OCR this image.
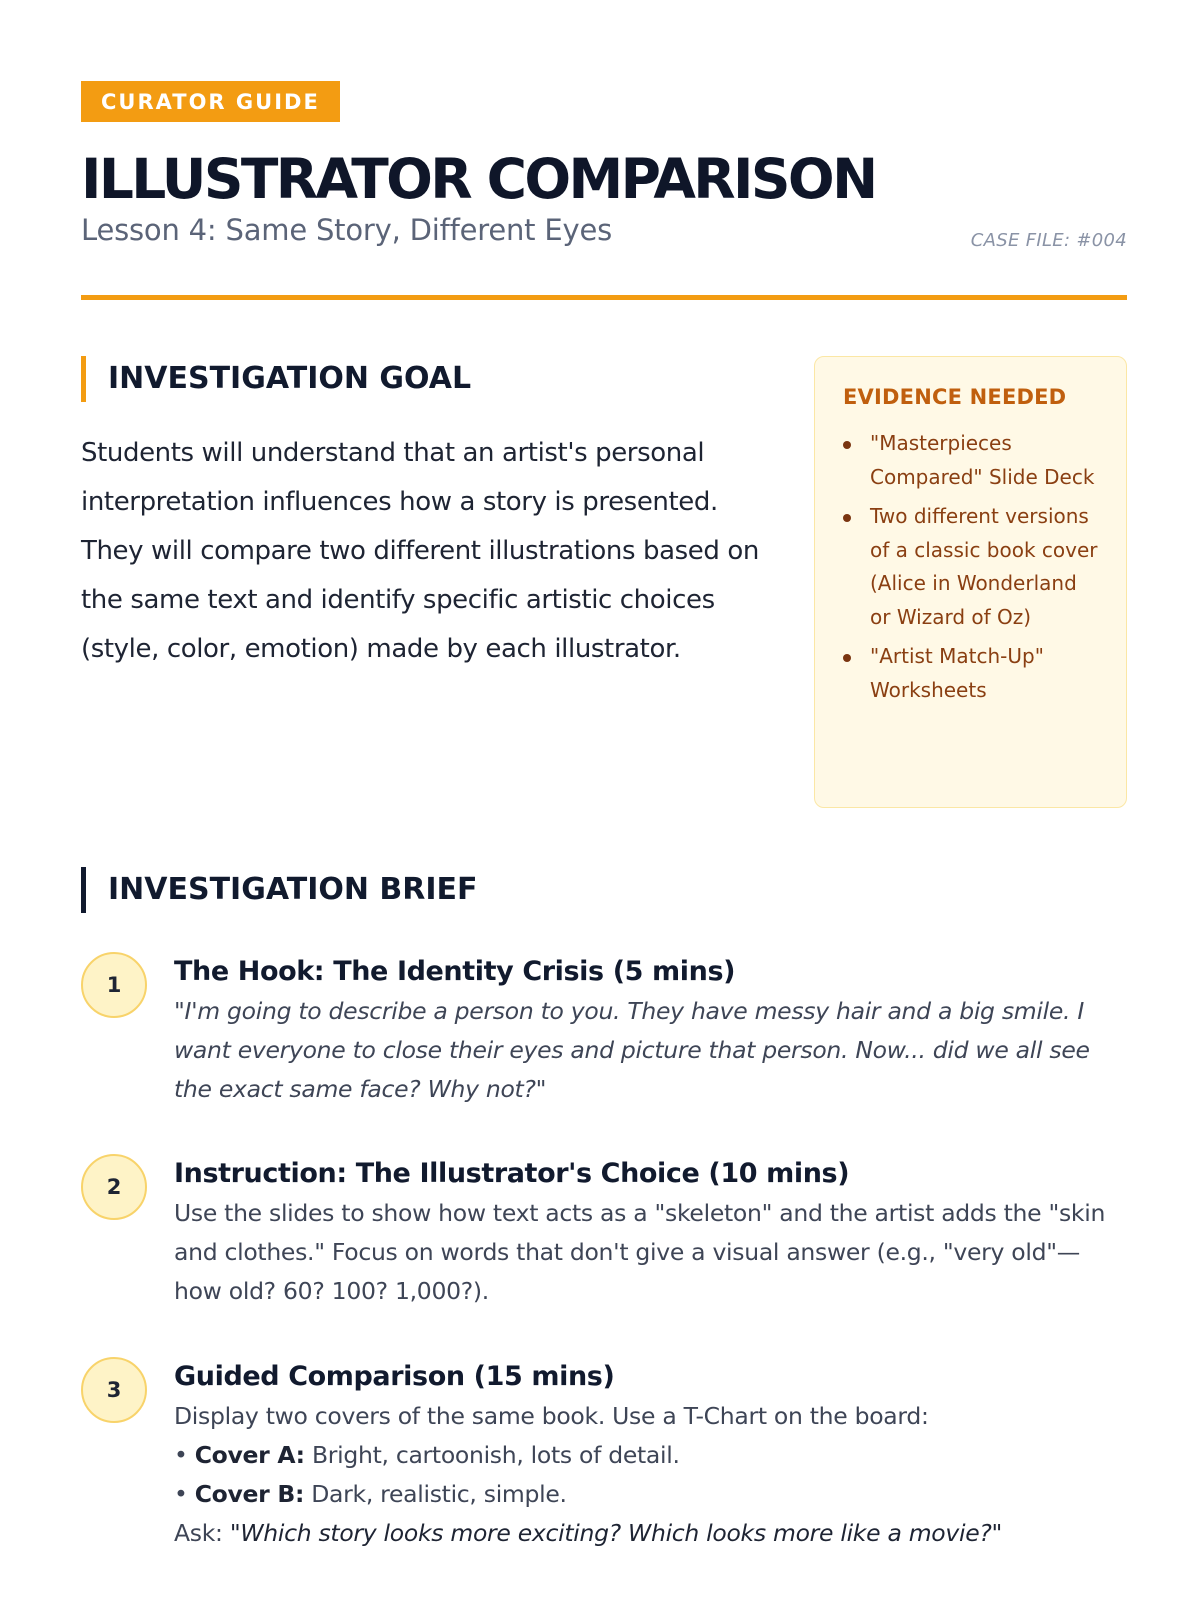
CURATOR GUIDE
ILLUSTRATOR COMPARISON
Lesson 4: Same Story, Different Eyes	CASE FILE: #004
INVESTIGATION GOAL

Students will understand that an artist's personal interpretation influences how a story is presented. They will compare two different illustrations based on the same text and identify specific artistic choices (style, color, emotion) made by each illustrator.

EVIDENCE NEEDED
"Masterpieces Compared" Slide Deck
Two different versions of a classic book cover (Alice in Wonderland or Wizard of Oz)
"Artist Match-Up" Worksheets
INVESTIGATION BRIEF
1	The Hook: The Identity Crisis (5 mins)
"I'm going to describe a person to you. They have messy hair and a big smile. I want everyone to close their eyes and picture that person. Now... did we all see the exact same face? Why not?"
2	Instruction: The Illustrator's Choice (10 mins)
Use the slides to show how text acts as a "skeleton" and the artist adds the "skin and clothes." Focus on words that don't give a visual answer (e.g., "very old"—how old? 60? 100? 1,000?).
3	Guided Comparison (15 mins)
Display two covers of the same book. Use a T-Chart on the board:
• Cover A: Bright, cartoonish, lots of detail.
• Cover B: Dark, realistic, simple.
Ask: "Which story looks more exciting? Which looks more like a movie?"
